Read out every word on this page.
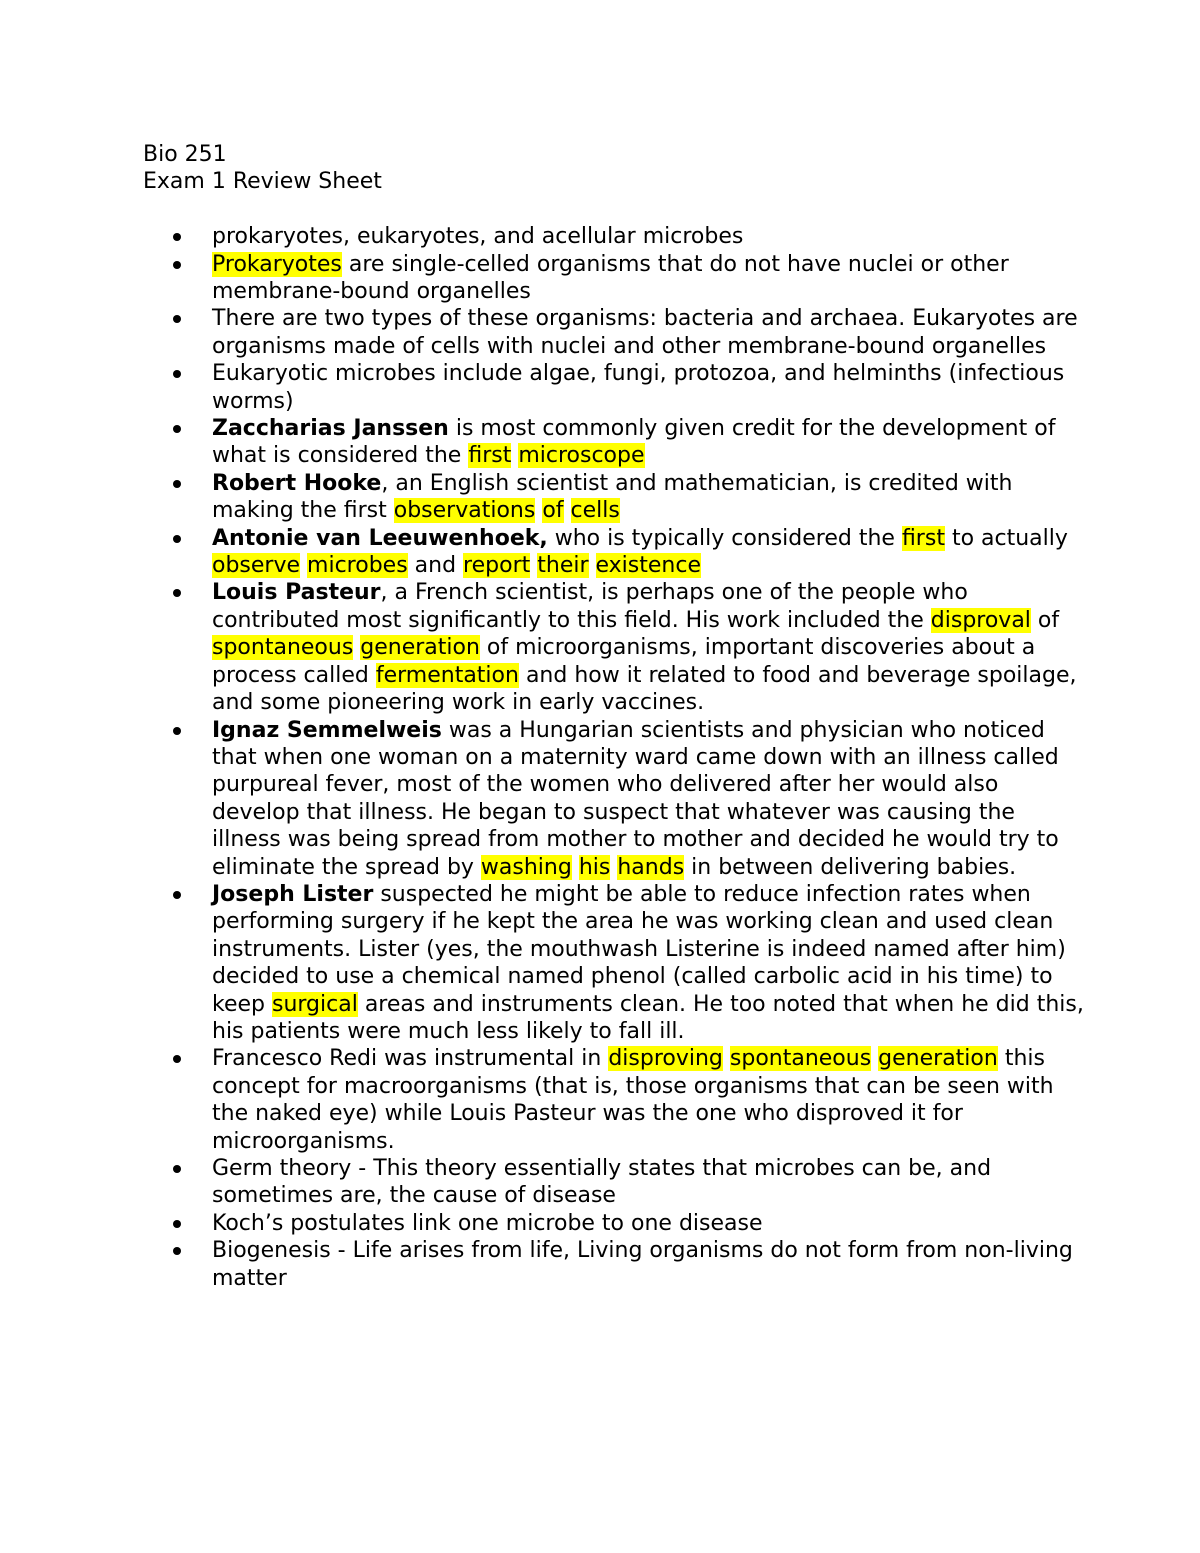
Bio 251
Exam 1 Review Sheet
prokaryotes, eukaryotes, and acellular microbes
Prokaryotes are single-celled organisms that do not have nuclei or other membrane-bound organelles
There are two types of these organisms: bacteria and archaea. Eukaryotes are organisms made of cells with nuclei and other membrane-bound organelles
Eukaryotic microbes include algae, fungi, protozoa, and helminths (infectious worms)
Zaccharias Janssen is most commonly given credit for the development of what is considered the first microscope
Robert Hooke, an English scientist and mathematician, is credited with making the first observations of cells
Antonie van Leeuwenhoek, who is typically considered the first to actually observe microbes and report their existence
Louis Pasteur, a French scientist, is perhaps one of the people who contributed most significantly to this field. His work included the disproval of spontaneous generation of microorganisms, important discoveries about a process called fermentation and how it related to food and beverage spoilage, and some pioneering work in early vaccines.
Ignaz Semmelweis was a Hungarian scientists and physician who noticed that when one woman on a maternity ward came down with an illness called purpureal fever, most of the women who delivered after her would also develop that illness. He began to suspect that whatever was causing the illness was being spread from mother to mother and decided he would try to eliminate the spread by washing his hands in between delivering babies.
Joseph Lister suspected he might be able to reduce infection rates when performing surgery if he kept the area he was working clean and used clean instruments. Lister (yes, the mouthwash Listerine is indeed named after him) decided to use a chemical named phenol (called carbolic acid in his time) to keep surgical areas and instruments clean. He too noted that when he did this, his patients were much less likely to fall ill.
Francesco Redi was instrumental in disproving spontaneous generation this concept for macroorganisms (that is, those organisms that can be seen with the naked eye) while Louis Pasteur was the one who disproved it for microorganisms.
Germ theory - This theory essentially states that microbes can be, and sometimes are, the cause of disease
Koch’s postulates link one microbe to one disease
Biogenesis - Life arises from life, Living organisms do not form from non-living matter
